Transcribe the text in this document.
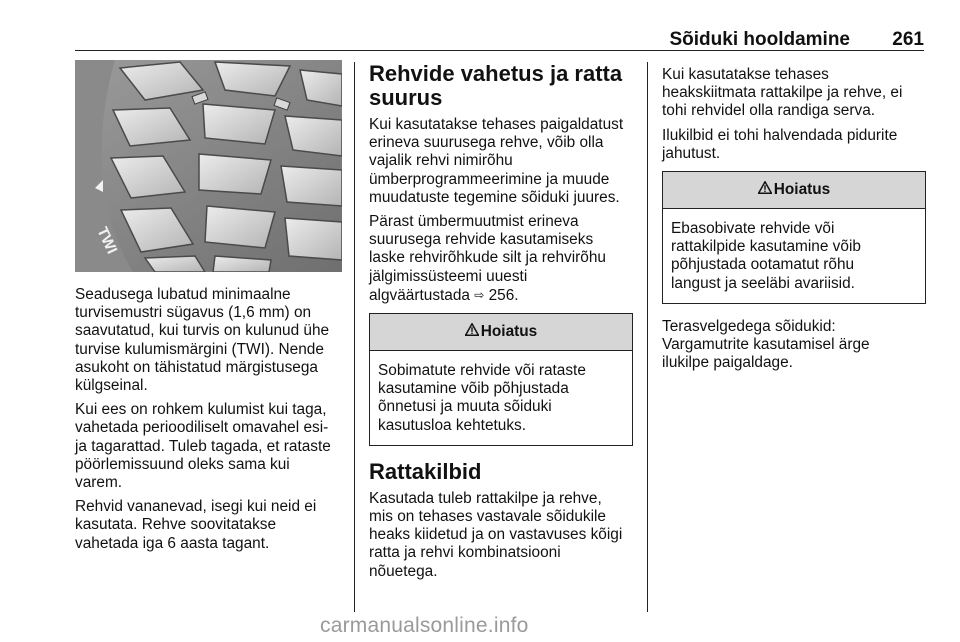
Sõiduki hooldamine 261
TWI

Seadusega lubatud minimaalne
turvisemustri sügavus (1,6 mm) on
saavutatud, kui turvis on kulunud ühe
turvise kulumismärgini (TWI). Nende
asukoht on tähistatud märgistusega
külgseinal.

Kui ees on rohkem kulumist kui taga,
vahetada perioodiliselt omavahel esi-
ja tagarattad. Tuleb tagada, et rataste
pöörlemissuund oleks sama kui
varem.

Rehvid vananevad, isegi kui neid ei
kasutata. Rehve soovitatakse
vahetada iga 6 aasta tagant.

Rehvide vahetus ja ratta
suurus

Kui kasutatakse tehases paigaldatust
erineva suurusega rehve, võib olla
vajalik rehvi nimirõhu
ümberprogrammeerimine ja muude
muudatuste tegemine sõiduki juures.

Pärast ümbermuutmist erineva
suurusega rehvide kasutamiseks
laske rehvirõhkude silt ja rehvirõhu
jälgimissüsteemi uuesti
algväärtustada ⇨ 256.

Hoiatus
Sobimatute rehvide või rataste
kasutamine võib põhjustada
õnnetusi ja muuta sõiduki
kasutusloa kehtetuks.
Rattakilbid

Kasutada tuleb rattakilpe ja rehve,
mis on tehases vastavale sõidukile
heaks kiidetud ja on vastavuses kõigi
ratta ja rehvi kombinatsiooni
nõuetega.

Kui kasutatakse tehases
heakskiitmata rattakilpe ja rehve, ei
tohi rehvidel olla randiga serva.

Ilukilbid ei tohi halvendada pidurite
jahutust.

Hoiatus
Ebasobivate rehvide või
rattakilpide kasutamine võib
põhjustada ootamatut rõhu
langust ja seeläbi avariisid.

Terasvelgedega sõidukid:
Vargamutrite kasutamisel ärge
ilukilpe paigaldage.

carmanualsonline.info
